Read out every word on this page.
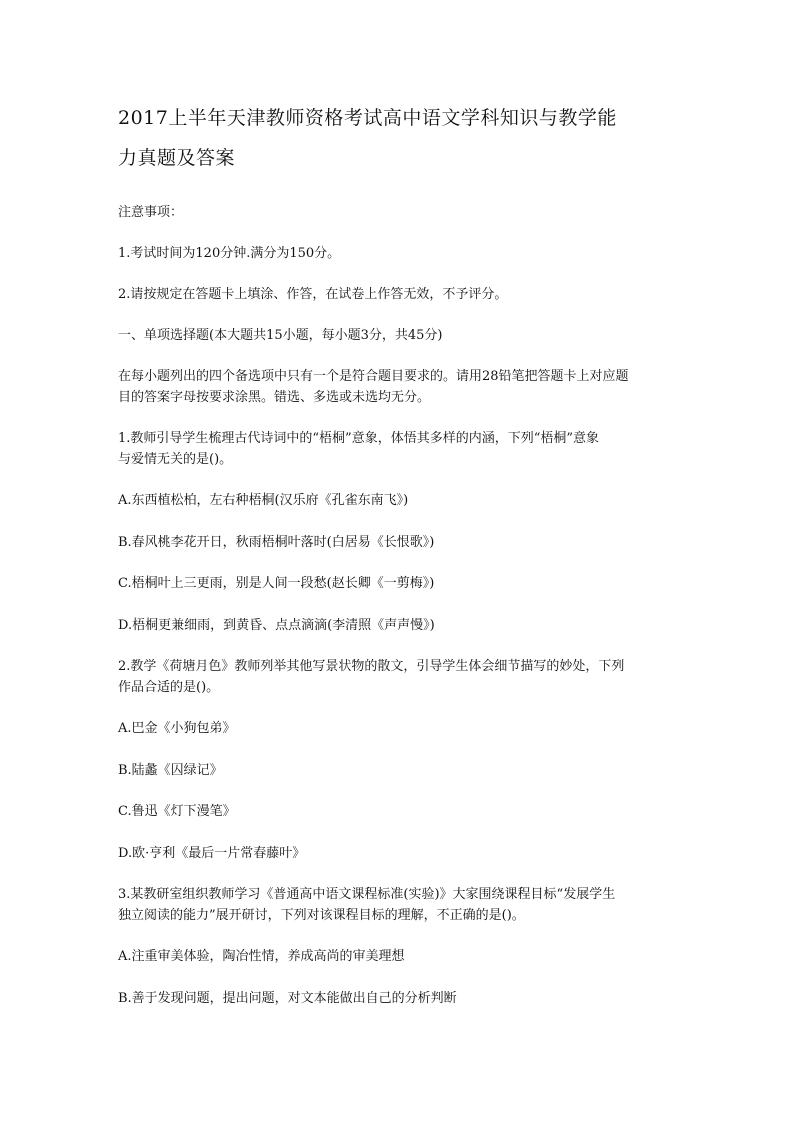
2017上半年天津教师资格考试高中语文学科知识与教学能
力真题及答案
注意事项：
1.考试时间为120分钟.满分为150分。
2.请按规定在答题卡上填涂、作答，在试卷上作答无效，不予评分。
一、单项选择题(本大题共15小题，每小题3分，共45分)
在每小题列出的四个备选项中只有一个是符合题目要求的。请用28铅笔把答题卡上对应题
目的答案字母按要求涂黑。错选、多选或未选均无分。
1.教师引导学生梳理古代诗词中的“梧桐”意象，体悟其多样的内涵，下列“梧桐”意象
与爱情无关的是()。
A.东西植松柏，左右种梧桐(汉乐府《孔雀东南飞》)
B.春风桃李花开日，秋雨梧桐叶落时(白居易《长恨歌》)
C.梧桐叶上三更雨，别是人间一段愁(赵长卿《一剪梅》)
D.梧桐更兼细雨，到黄昏、点点滴滴(李清照《声声慢》)
2.教学《荷塘月色》教师列举其他写景状物的散文，引导学生体会细节描写的妙处，下列
作品合适的是()。
A.巴金《小狗包弟》
B.陆蠡《囚绿记》
C.鲁迅《灯下漫笔》
D.欧·亨利《最后一片常春藤叶》
3.某教研室组织教师学习《普通高中语文课程标准(实验)》大家围绕课程目标“发展学生
独立阅读的能力”展开研讨，下列对该课程目标的理解，不正确的是()。
A.注重审美体验，陶冶性情，养成高尚的审美理想
B.善于发现问题，提出问题，对文本能做出自己的分析判断
